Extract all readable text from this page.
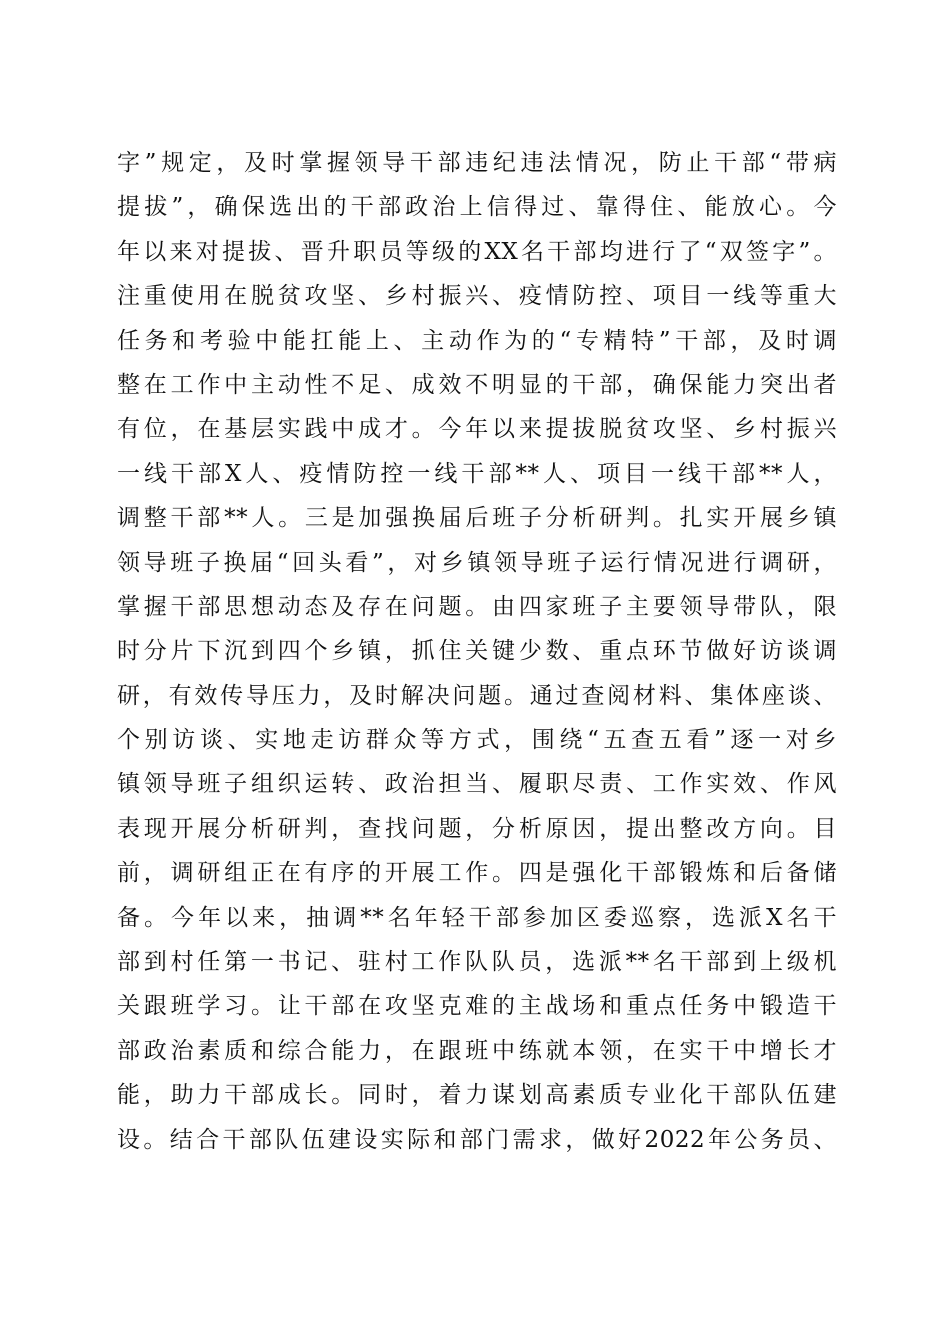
字”规定，及时掌握领导干部违纪违法情况，防止干部“带病
提拔”，确保选出的干部政治上信得过、靠得住、能放心。今
年以来对提拔、晋升职员等级的XX名干部均进行了“双签字”。
注重使用在脱贫攻坚、乡村振兴、疫情防控、项目一线等重大
任务和考验中能扛能上、主动作为的“专精特”干部，及时调
整在工作中主动性不足、成效不明显的干部，确保能力突出者
有位，在基层实践中成才。今年以来提拔脱贫攻坚、乡村振兴
一线干部X人、疫情防控一线干部**人、项目一线干部**人，
调整干部**人。三是加强换届后班子分析研判。扎实开展乡镇
领导班子换届“回头看”，对乡镇领导班子运行情况进行调研，
掌握干部思想动态及存在问题。由四家班子主要领导带队，限
时分片下沉到四个乡镇，抓住关键少数、重点环节做好访谈调
研，有效传导压力，及时解决问题。通过查阅材料、集体座谈、
个别访谈、实地走访群众等方式，围绕“五查五看”逐一对乡
镇领导班子组织运转、政治担当、履职尽责、工作实效、作风
表现开展分析研判，查找问题，分析原因，提出整改方向。目
前，调研组正在有序的开展工作。四是强化干部锻炼和后备储
备。今年以来，抽调**名年轻干部参加区委巡察，选派X名干
部到村任第一书记、驻村工作队队员，选派**名干部到上级机
关跟班学习。让干部在攻坚克难的主战场和重点任务中锻造干
部政治素质和综合能力，在跟班中练就本领，在实干中增长才
能，助力干部成长。同时，着力谋划高素质专业化干部队伍建
设。结合干部队伍建设实际和部门需求，做好2022年公务员、
